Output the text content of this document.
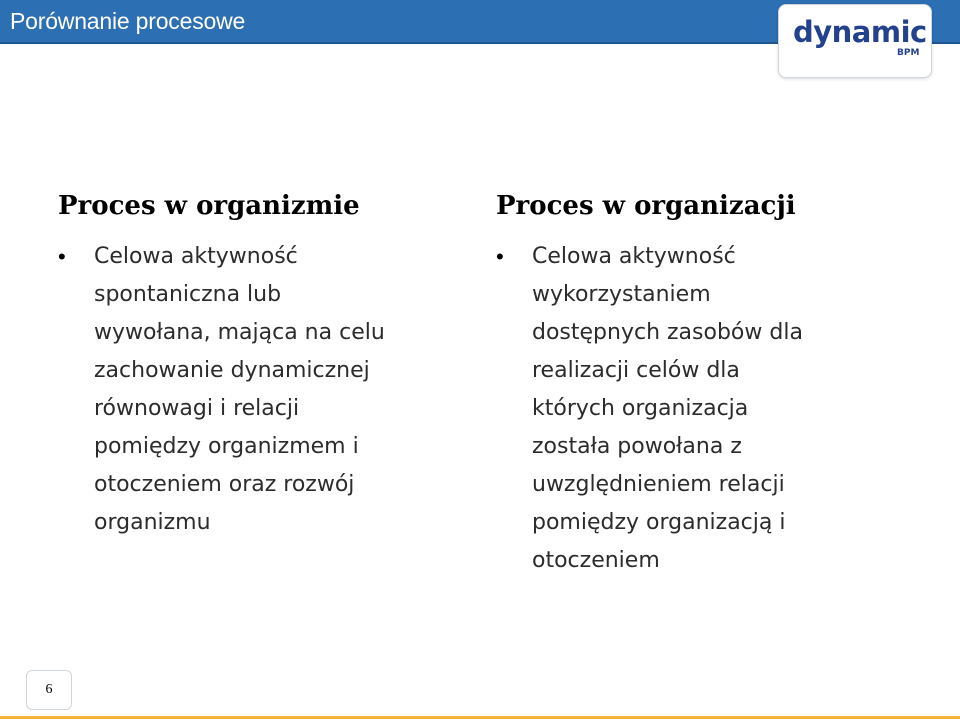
Porównanie procesowe	dynamic
BPM
Proces w organizmie
• Celowa aktywność
spontaniczna lub
wywołana, mająca na celu
zachowanie dynamicznej
równowagi i relacji
pomiędzy organizmem i
otoczeniem oraz rozwój
organizmu
Proces w organizacji
• Celowa aktywność
wykorzystaniem
dostępnych zasobów dla
realizacji celów dla
których organizacja
została powołana z
uwzględnieniem relacji
pomiędzy organizacją i
otoczeniem
6
